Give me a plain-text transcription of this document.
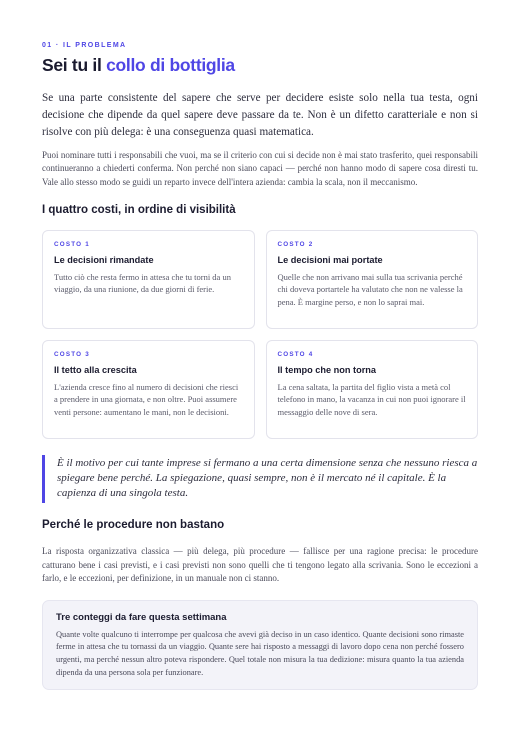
01 · IL PROBLEMA
Sei tu il collo di bottiglia

Se una parte consistente del sapere che serve per decidere esiste solo nella tua testa, ogni decisione che dipende da quel sapere deve passare da te. Non è un difetto caratteriale e non si risolve con più delega: è una conseguenza quasi matematica.

Puoi nominare tutti i responsabili che vuoi, ma se il criterio con cui si decide non è mai stato trasferito, quei responsabili continueranno a chiederti conferma. Non perché non siano capaci — perché non hanno modo di sapere cosa diresti tu. Vale allo stesso modo se guidi un reparto invece dell'intera azienda: cambia la scala, non il meccanismo.

I quattro costi, in ordine di visibilità
COSTO 1
Le decisioni rimandate
Tutto ciò che resta fermo in attesa che tu torni da un viaggio, da una riunione, da due giorni di ferie.
COSTO 2
Le decisioni mai portate
Quelle che non arrivano mai sulla tua scrivania perché chi doveva portartele ha valutato che non ne valesse la pena. È margine perso, e non lo saprai mai.
COSTO 3
Il tetto alla crescita
L'azienda cresce fino al numero di decisioni che riesci a prendere in una giornata, e non oltre. Puoi assumere venti persone: aumentano le mani, non le decisioni.
COSTO 4
Il tempo che non torna
La cena saltata, la partita del figlio vista a metà col telefono in mano, la vacanza in cui non puoi ignorare il messaggio delle nove di sera.
È il motivo per cui tante imprese si fermano a una certa dimensione senza che nessuno riesca a spiegare bene perché. La spiegazione, quasi sempre, non è il mercato né il capitale. È la capienza di una singola testa.
Perché le procedure non bastano

La risposta organizzativa classica — più delega, più procedure — fallisce per una ragione precisa: le procedure catturano bene i casi previsti, e i casi previsti non sono quelli che ti tengono legato alla scrivania. Sono le eccezioni a farlo, e le eccezioni, per definizione, in un manuale non ci stanno.

Tre conteggi da fare questa settimana
Quante volte qualcuno ti interrompe per qualcosa che avevi già deciso in un caso identico. Quante decisioni sono rimaste ferme in attesa che tu tornassi da un viaggio. Quante sere hai risposto a messaggi di lavoro dopo cena non perché fossero urgenti, ma perché nessun altro poteva rispondere. Quel totale non misura la tua dedizione: misura quanto la tua azienda dipenda da una persona sola per funzionare.
